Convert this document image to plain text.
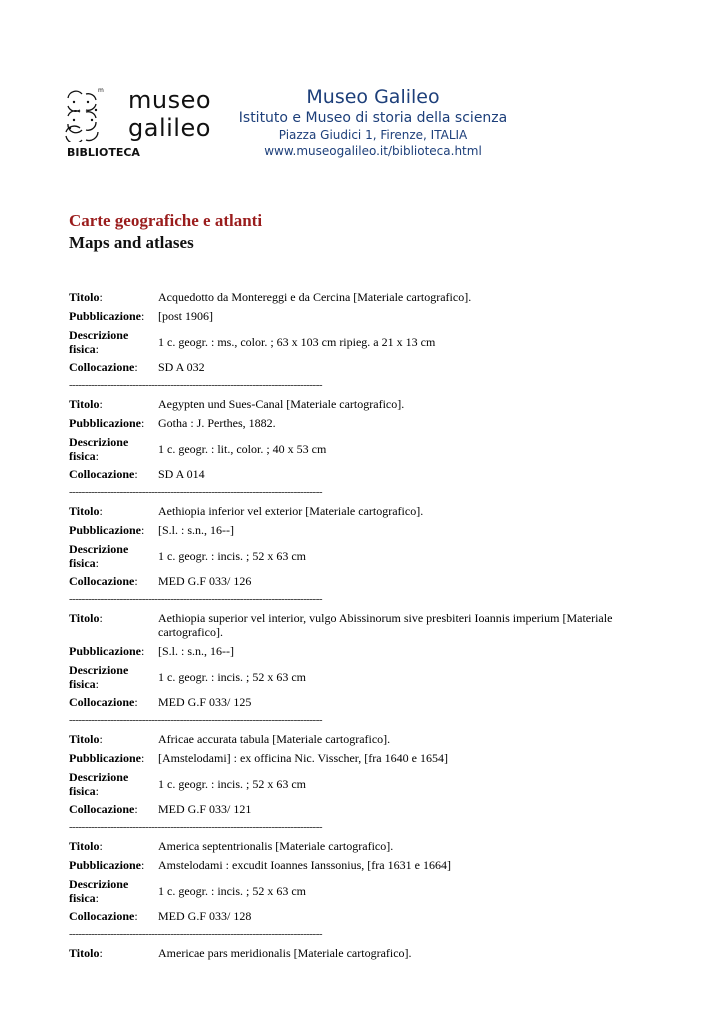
m museo
galileo
BIBLIOTECA
Museo Galileo
Istituto e Museo di storia della scienza
Piazza Giudici 1, Firenze, ITALIA
www.museogalileo.it/biblioteca.html
Carte geografiche e atlanti
Maps and atlases
Titolo:	Acquedotto da Montereggi e da Cercina [Materiale cartografico].
Pubblicazione:	[post 1906]
Descrizione
fisica:	1 c. geogr. : ms., color. ; 63 x 103 cm ripieg. a 21 x 13 cm
Collocazione:	SD A 032
--------------------------------------------------------------------------------
Titolo:	Aegypten und Sues-Canal [Materiale cartografico].
Pubblicazione:	Gotha : J. Perthes, 1882.
Descrizione
fisica:	1 c. geogr. : lit., color. ; 40 x 53 cm
Collocazione:	SD A 014
--------------------------------------------------------------------------------
Titolo:	Aethiopia inferior vel exterior [Materiale cartografico].
Pubblicazione:	[S.l. : s.n., 16--]
Descrizione
fisica:	1 c. geogr. : incis. ; 52 x 63 cm
Collocazione:	MED G.F 033/ 126
--------------------------------------------------------------------------------
Titolo:	Aethiopia superior vel interior, vulgo Abissinorum sive presbiteri Ioannis imperium [Materiale cartografico].
Pubblicazione:	[S.l. : s.n., 16--]
Descrizione
fisica:	1 c. geogr. : incis. ; 52 x 63 cm
Collocazione:	MED G.F 033/ 125
--------------------------------------------------------------------------------
Titolo:	Africae accurata tabula [Materiale cartografico].
Pubblicazione:	[Amstelodami] : ex officina Nic. Visscher, [fra 1640 e 1654]
Descrizione
fisica:	1 c. geogr. : incis. ; 52 x 63 cm
Collocazione:	MED G.F 033/ 121
--------------------------------------------------------------------------------
Titolo:	America septentrionalis [Materiale cartografico].
Pubblicazione:	Amstelodami : excudit Ioannes Ianssonius, [fra 1631 e 1664]
Descrizione
fisica:	1 c. geogr. : incis. ; 52 x 63 cm
Collocazione:	MED G.F 033/ 128
--------------------------------------------------------------------------------
Titolo:	Americae pars meridionalis [Materiale cartografico].
